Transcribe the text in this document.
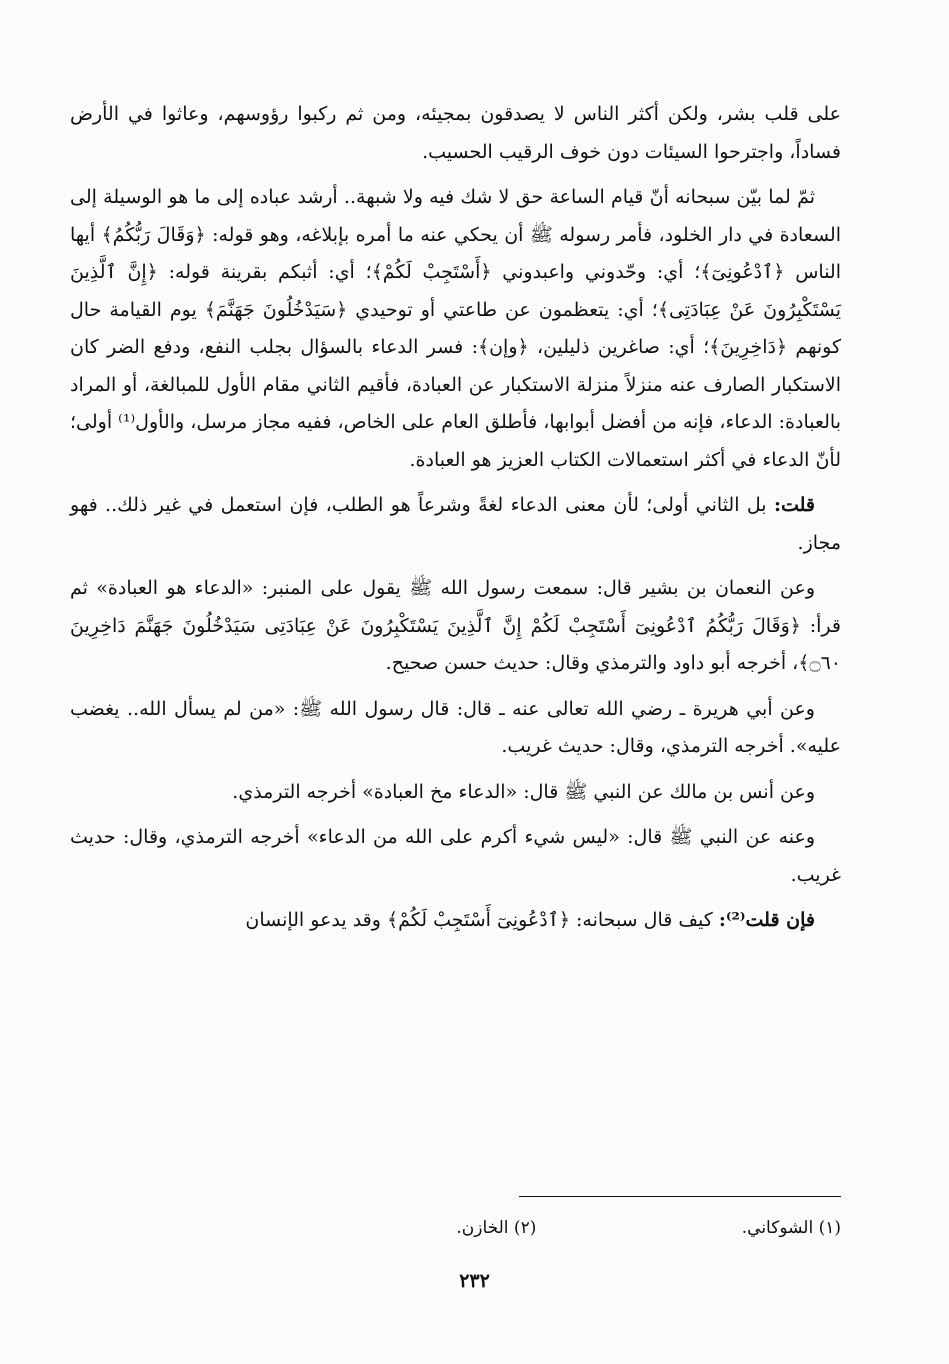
على قلب بشر، ولكن أكثر الناس لا يصدقون بمجيئه، ومن ثم ركبوا رؤوسهم، وعاثوا في الأرض فساداً، واجترحوا السيئات دون خوف الرقيب الحسيب.

ثمّ لما بيّن سبحانه أنّ قيام الساعة حق لا شك فيه ولا شبهة.. أرشد عباده إلى ما هو الوسيلة إلى السعادة في دار الخلود، فأمر رسوله ﷺ أن يحكي عنه ما أمره بإبلاغه، وهو قوله: ﴿وَقَالَ رَبُّكُمُ﴾ أيها الناس ﴿ٱدْعُونِىٓ﴾؛ أي: وحّدوني واعبدوني ﴿أَسْتَجِبْ لَكُمْ﴾؛ أي: أثبكم بقرينة قوله: ﴿إِنَّ ٱلَّذِينَ يَسْتَكْبِرُونَ عَنْ عِبَادَتِى﴾؛ أي: يتعظمون عن طاعتي أو توحيدي ﴿سَيَدْخُلُونَ جَهَنَّمَ﴾ يوم القيامة حال كونهم ﴿دَاخِرِينَ﴾؛ أي: صاغرين ذليلين، ﴿وإن﴾: فسر الدعاء بالسؤال بجلب النفع، ودفع الضر كان الاستكبار الصارف عنه منزلاً منزلة الاستكبار عن العبادة، فأقيم الثاني مقام الأول للمبالغة، أو المراد بالعبادة: الدعاء، فإنه من أفضل أبوابها، فأطلق العام على الخاص، ففيه مجاز مرسل، والأول⁽¹⁾ أولى؛ لأنّ الدعاء في أكثر استعمالات الكتاب العزيز هو العبادة.

قلت: بل الثاني أولى؛ لأن معنى الدعاء لغةً وشرعاً هو الطلب، فإن استعمل في غير ذلك.. فهو مجاز.

وعن النعمان بن بشير قال: سمعت رسول الله ﷺ يقول على المنبر: «الدعاء هو العبادة» ثم قرأ: ﴿وَقَالَ رَبُّكُمُ ٱدْعُونِىٓ أَسْتَجِبْ لَكُمْ إِنَّ ٱلَّذِينَ يَسْتَكْبِرُونَ عَنْ عِبَادَتِى سَيَدْخُلُونَ جَهَنَّمَ دَاخِرِينَ ۝٦٠﴾، أخرجه أبو داود والترمذي وقال: حديث حسن صحيح.

وعن أبي هريرة ـ رضي الله تعالى عنه ـ قال: قال رسول الله ﷺ: «من لم يسأل الله.. يغضب عليه». أخرجه الترمذي، وقال: حديث غريب.

وعن أنس بن مالك عن النبي ﷺ قال: «الدعاء مخ العبادة» أخرجه الترمذي.

وعنه عن النبي ﷺ قال: «ليس شيء أكرم على الله من الدعاء» أخرجه الترمذي، وقال: حديث غريب.

فإن قلت⁽²⁾: كيف قال سبحانه: ﴿ٱدْعُونِىٓ أَسْتَجِبْ لَكُمْ﴾ وقد يدعو الإنسان

(١) الشوكاني. (٢) الخازن.
٢٣٢
